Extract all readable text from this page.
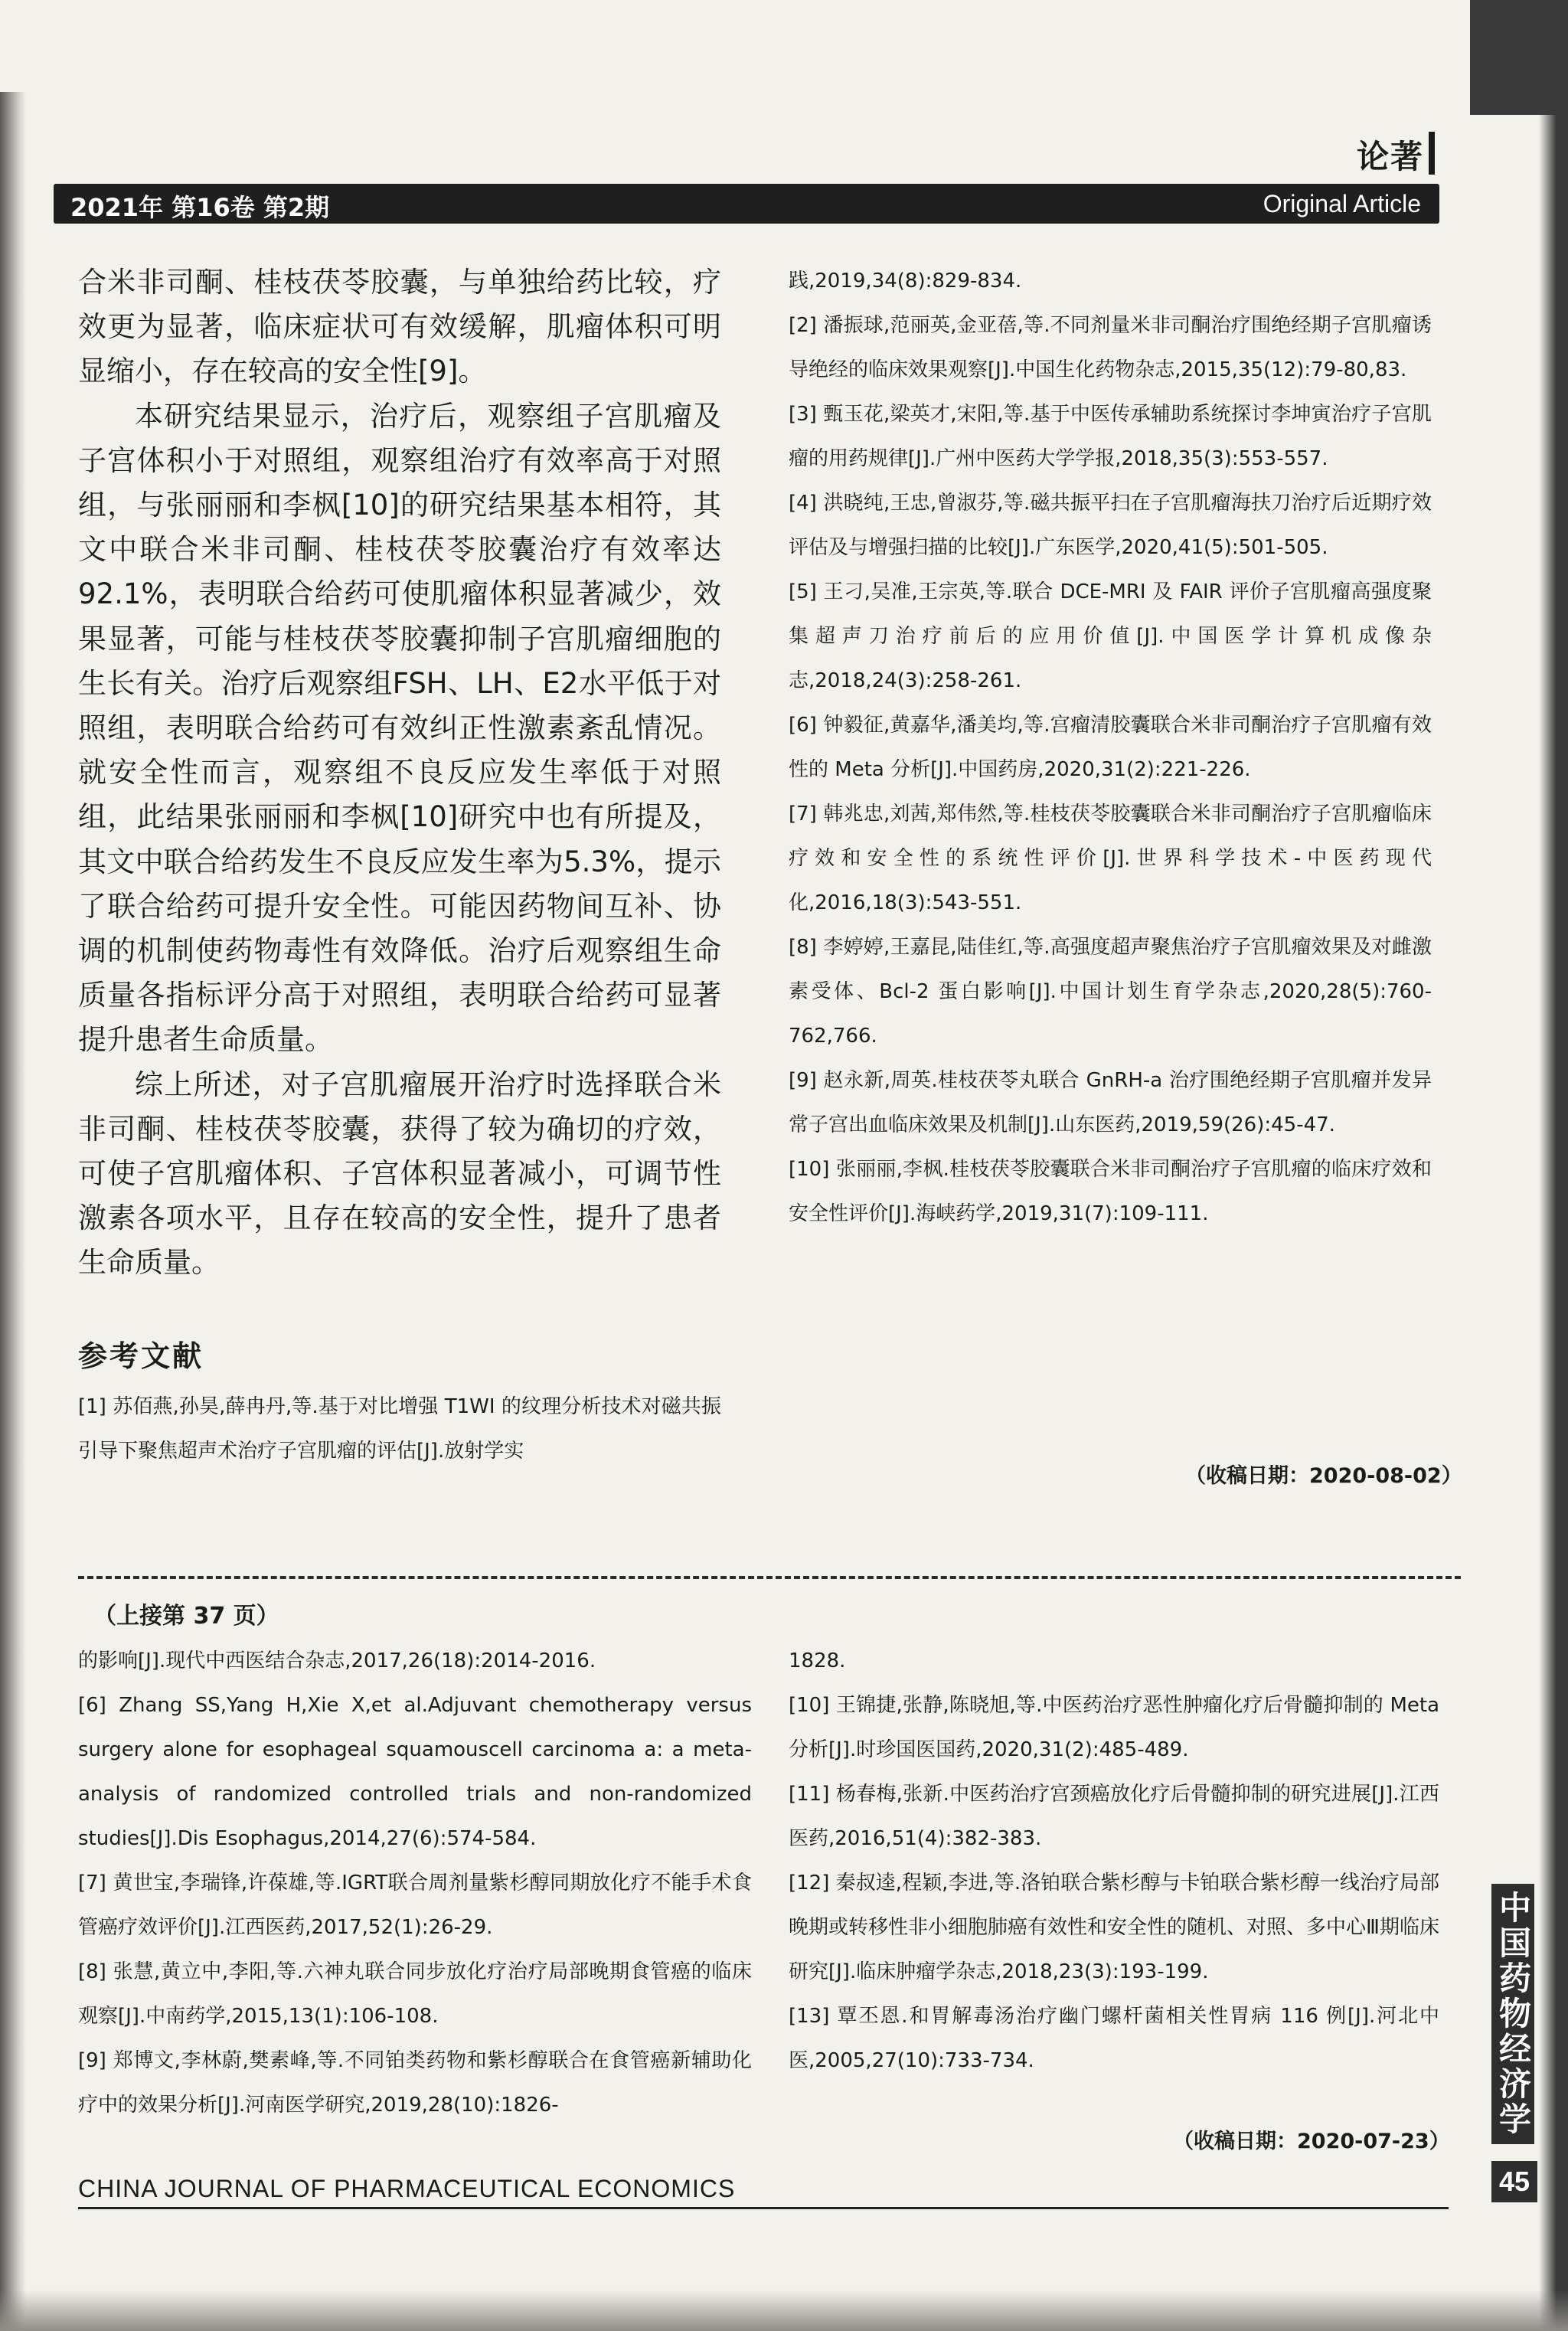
论著
2021年 第16卷 第2期	Original Article

合米非司酮、桂枝茯苓胶囊，与单独给药比较，疗效更为显著，临床症状可有效缓解，肌瘤体积可明显缩小，存在较高的安全性[9]。

本研究结果显示，治疗后，观察组子宫肌瘤及子宫体积小于对照组，观察组治疗有效率高于对照组，与张丽丽和李枫[10]的研究结果基本相符，其文中联合米非司酮、桂枝茯苓胶囊治疗有效率达92.1%，表明联合给药可使肌瘤体积显著减少，效果显著，可能与桂枝茯苓胶囊抑制子宫肌瘤细胞的生长有关。治疗后观察组FSH、LH、E2水平低于对照组，表明联合给药可有效纠正性激素紊乱情况。就安全性而言，观察组不良反应发生率低于对照组，此结果张丽丽和李枫[10]研究中也有所提及，其文中联合给药发生不良反应发生率为5.3%，提示了联合给药可提升安全性。可能因药物间互补、协调的机制使药物毒性有效降低。治疗后观察组生命质量各指标评分高于对照组，表明联合给药可显著提升患者生命质量。

综上所述，对子宫肌瘤展开治疗时选择联合米非司酮、桂枝茯苓胶囊，获得了较为确切的疗效，可使子宫肌瘤体积、子宫体积显著减小，可调节性激素各项水平，且存在较高的安全性，提升了患者生命质量。

参考文献

[1] 苏佰燕,孙昊,薛冉丹,等.基于对比增强 T1WI 的纹理分析技术对磁共振引导下聚焦超声术治疗子宫肌瘤的评估[J].放射学实

践,2019,34(8):829-834.

[2] 潘振球,范丽英,金亚蓓,等.不同剂量米非司酮治疗围绝经期子宫肌瘤诱导绝经的临床效果观察[J].中国生化药物杂志,2015,35(12):79-80,83.

[3] 甄玉花,梁英才,宋阳,等.基于中医传承辅助系统探讨李坤寅治疗子宫肌瘤的用药规律[J].广州中医药大学学报,2018,35(3):553-557.

[4] 洪晓纯,王忠,曾淑芬,等.磁共振平扫在子宫肌瘤海扶刀治疗后近期疗效评估及与增强扫描的比较[J].广东医学,2020,41(5):501-505.

[5] 王刁,吴准,王宗英,等.联合 DCE-MRI 及 FAIR 评价子宫肌瘤高强度聚集超声刀治疗前后的应用价值[J].中国医学计算机成像杂志,2018,24(3):258-261.

[6] 钟毅征,黄嘉华,潘美均,等.宫瘤清胶囊联合米非司酮治疗子宫肌瘤有效性的 Meta 分析[J].中国药房,2020,31(2):221-226.

[7] 韩兆忠,刘茜,郑伟然,等.桂枝茯苓胶囊联合米非司酮治疗子宫肌瘤临床疗效和安全性的系统性评价[J].世界科学技术-中医药现代化,2016,18(3):543-551.

[8] 李婷婷,王嘉昆,陆佳红,等.高强度超声聚焦治疗子宫肌瘤效果及对雌激素受体、Bcl-2 蛋白影响[J].中国计划生育学杂志,2020,28(5):760-762,766.

[9] 赵永新,周英.桂枝茯苓丸联合 GnRH-a 治疗围绝经期子宫肌瘤并发异常子宫出血临床效果及机制[J].山东医药,2019,59(26):45-47.

[10] 张丽丽,李枫.桂枝茯苓胶囊联合米非司酮治疗子宫肌瘤的临床疗效和安全性评价[J].海峡药学,2019,31(7):109-111.

（收稿日期：2020-08-02）
（上接第 37 页）

的影响[J].现代中西医结合杂志,2017,26(18):2014-2016.

[6] Zhang SS,Yang H,Xie X,et al.Adjuvant chemotherapy versus surgery alone for esophageal squamouscell carcinoma a: a meta-analysis of randomized controlled trials and non-randomized studies[J].Dis Esophagus,2014,27(6):574-584.

[7] 黄世宝,李瑞锋,许葆雄,等.IGRT联合周剂量紫杉醇同期放化疗不能手术食管癌疗效评价[J].江西医药,2017,52(1):26-29.

[8] 张慧,黄立中,李阳,等.六神丸联合同步放化疗治疗局部晚期食管癌的临床观察[J].中南药学,2015,13(1):106-108.

[9] 郑博文,李林蔚,樊素峰,等.不同铂类药物和紫杉醇联合在食管癌新辅助化疗中的效果分析[J].河南医学研究,2019,28(10):1826-

1828.

[10] 王锦捷,张静,陈晓旭,等.中医药治疗恶性肿瘤化疗后骨髓抑制的 Meta 分析[J].时珍国医国药,2020,31(2):485-489.

[11] 杨春梅,张新.中医药治疗宫颈癌放化疗后骨髓抑制的研究进展[J].江西医药,2016,51(4):382-383.

[12] 秦叔逵,程颖,李进,等.洛铂联合紫杉醇与卡铂联合紫杉醇一线治疗局部晚期或转移性非小细胞肺癌有效性和安全性的随机、对照、多中心Ⅲ期临床研究[J].临床肿瘤学杂志,2018,23(3):193-199.

[13] 覃丕恩.和胃解毒汤治疗幽门螺杆菌相关性胃病 116 例[J].河北中医,2005,27(10):733-734.

（收稿日期：2020-07-23）
CHINA JOURNAL OF PHARMACEUTICAL ECONOMICS
中国药物经济学
45
